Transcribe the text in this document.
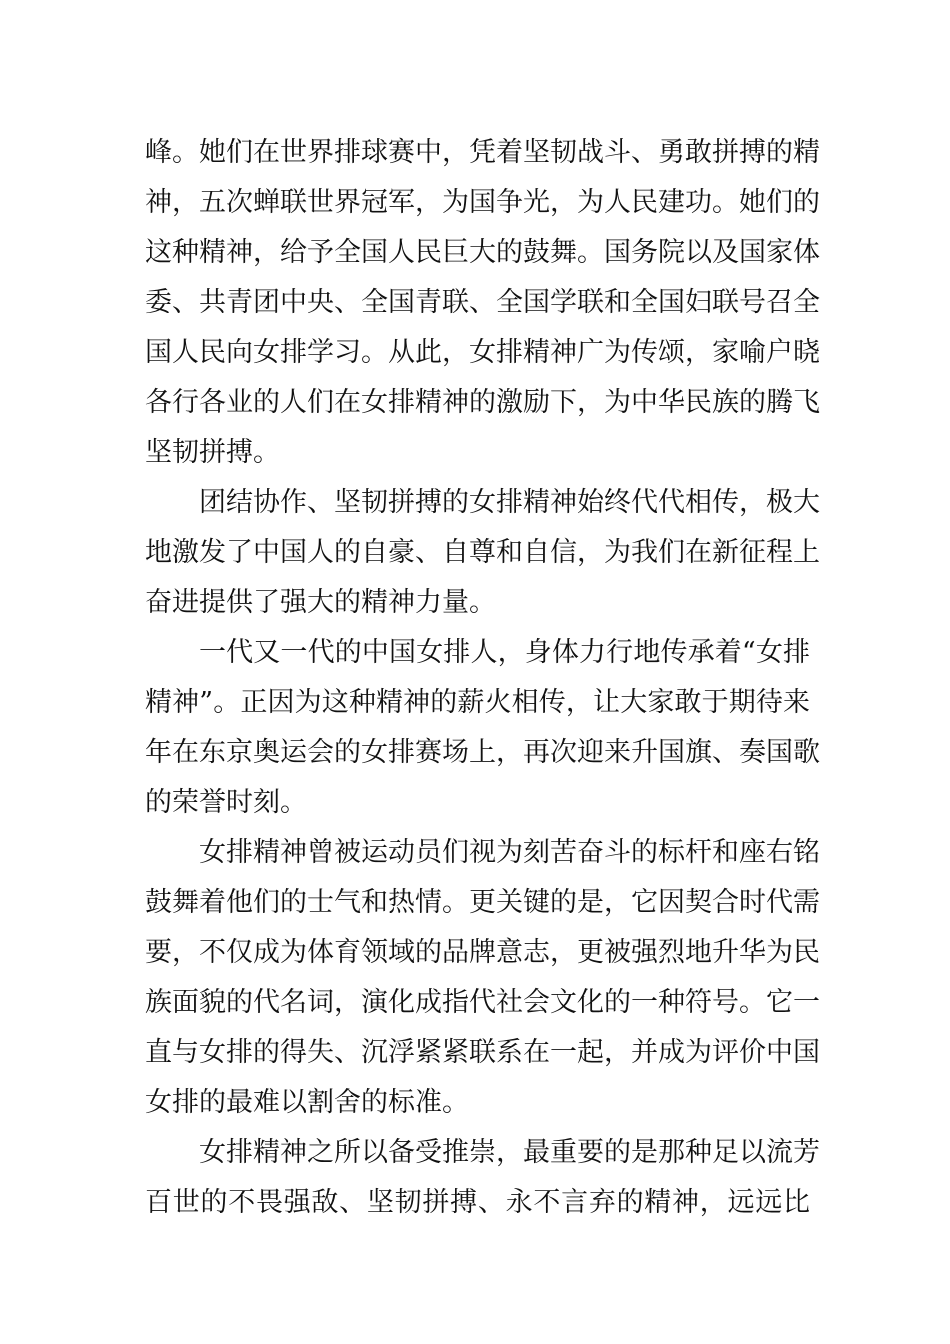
峰。她们在世界排球赛中，凭着坚韧战斗、勇敢拼搏的精
神，五次蝉联世界冠军，为国争光，为人民建功。她们的
这种精神，给予全国人民巨大的鼓舞。国务院以及国家体
委、共青团中央、全国青联、全国学联和全国妇联号召全
国人民向女排学习。从此，女排精神广为传颂，家喻户晓
各行各业的人们在女排精神的激励下，为中华民族的腾飞
坚韧拼搏。
团结协作、坚韧拼搏的女排精神始终代代相传，极大
地激发了中国人的自豪、自尊和自信，为我们在新征程上
奋进提供了强大的精神力量。
一代又一代的中国女排人，身体力行地传承着“女排
精神”。正因为这种精神的薪火相传，让大家敢于期待来
年在东京奥运会的女排赛场上，再次迎来升国旗、奏国歌
的荣誉时刻。
女排精神曾被运动员们视为刻苦奋斗的标杆和座右铭
鼓舞着他们的士气和热情。更关键的是，它因契合时代需
要，不仅成为体育领域的品牌意志，更被强烈地升华为民
族面貌的代名词，演化成指代社会文化的一种符号。它一
直与女排的得失、沉浮紧紧联系在一起，并成为评价中国
女排的最难以割舍的标准。
女排精神之所以备受推崇，最重要的是那种足以流芳
百世的不畏强敌、坚韧拼搏、永不言弃的精神，远远比
